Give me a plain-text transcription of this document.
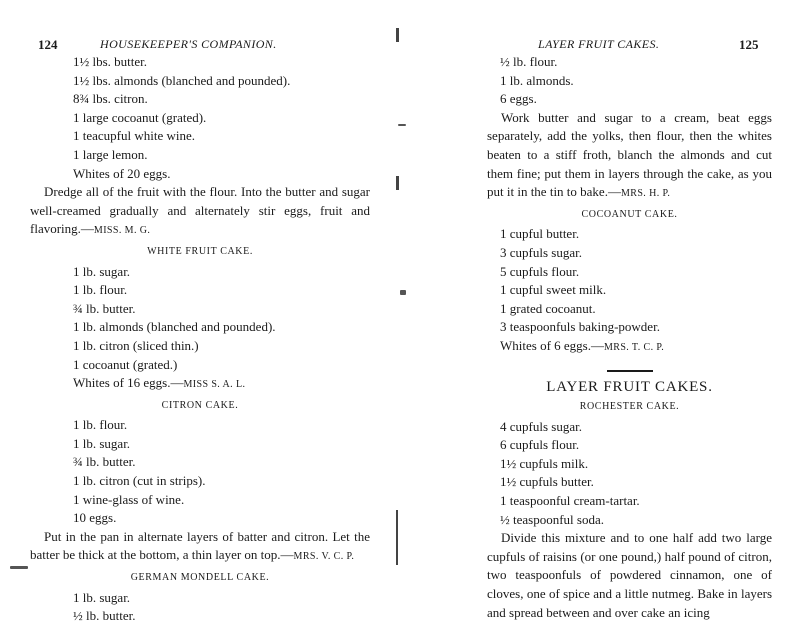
124	HOUSEKEEPER'S COMPANION.
1½ lbs. butter.
1½ lbs. almonds (blanched and pounded).
8¾ lbs. citron.
1 large cocoanut (grated).
1 teacupful white wine.
1 large lemon.
Whites of 20 eggs.
Dredge all of the fruit with the flour. Into the butter and sugar well-creamed gradually and alternately stir eggs, fruit and flavoring.—MISS. M. G.
WHITE FRUIT CAKE.
1 lb. sugar.
1 lb. flour.
¾ lb. butter.
1 lb. almonds (blanched and pounded).
1 lb. citron (sliced thin.)
1 cocoanut (grated.)
Whites of 16 eggs.—MISS S. A. L.
CITRON CAKE.
1 lb. flour.
1 lb. sugar.
¾ lb. butter.
1 lb. citron (cut in strips).
1 wine-glass of wine.
10 eggs.
Put in the pan in alternate layers of batter and citron. Let the batter be thick at the bottom, a thin layer on top.—MRS. V. C. P.
GERMAN MONDELL CAKE.
1 lb. sugar.
½ lb. butter.
LAYER FRUIT CAKES.	125
½ lb. flour.
1 lb. almonds.
6 eggs.
Work butter and sugar to a cream, beat eggs separately, add the yolks, then flour, then the whites beaten to a stiff froth, blanch the almonds and cut them fine; put them in layers through the cake, as you put it in the tin to bake.—MRS. H. P.
COCOANUT CAKE.
1 cupful butter.
3 cupfuls sugar.
5 cupfuls flour.
1 cupful sweet milk.
1 grated cocoanut.
3 teaspoonfuls baking-powder.
Whites of 6 eggs.—MRS. T. C. P.
LAYER FRUIT CAKES.
ROCHESTER CAKE.
4 cupfuls sugar.
6 cupfuls flour.
1½ cupfuls milk.
1½ cupfuls butter.
1 teaspoonful cream-tartar.
½ teaspoonful soda.
Divide this mixture and to one half add two large cupfuls of raisins (or one pound,) half pound of citron, two teaspoonfuls of powdered cinnamon, one of cloves, one of spice and a little nutmeg. Bake in layers and spread between and over cake an icing
